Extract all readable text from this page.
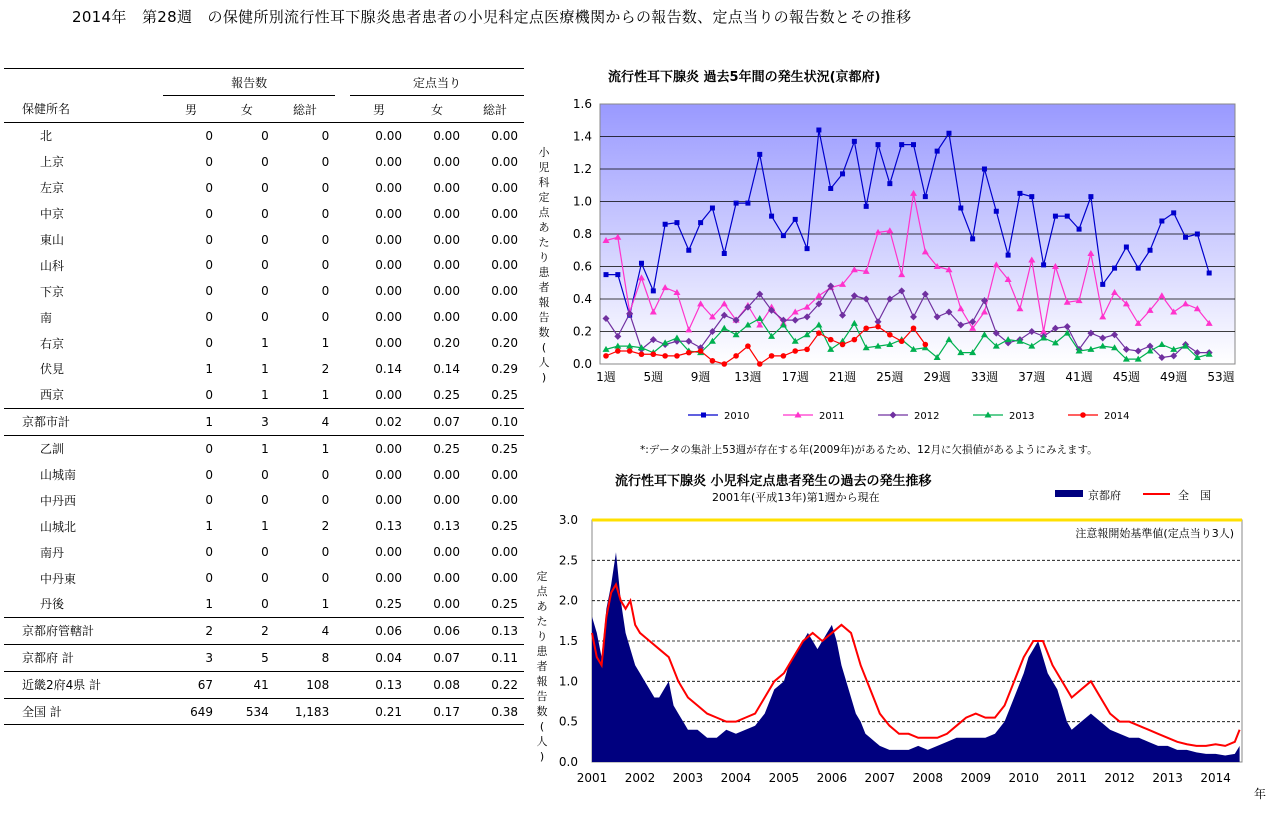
2014年　第28週　の保健所別流行性耳下腺炎患者患者の小児科定点医療機関からの報告数、定点当りの報告数とその推移
	報告数				定点当り		
保健所名	男	女	総計		男	女	総計
北	0	0	0		0.00	0.00	0.00
上京	0	0	0		0.00	0.00	0.00
左京	0	0	0		0.00	0.00	0.00
中京	0	0	0		0.00	0.00	0.00
東山	0	0	0		0.00	0.00	0.00
山科	0	0	0		0.00	0.00	0.00
下京	0	0	0		0.00	0.00	0.00
南	0	0	0		0.00	0.00	0.00
右京	0	1	1		0.00	0.20	0.20
伏見	1	1	2		0.14	0.14	0.29
西京	0	1	1		0.00	0.25	0.25
京都市計	1	3	4		0.02	0.07	0.10
乙訓	0	1	1		0.00	0.25	0.25
山城南	0	0	0		0.00	0.00	0.00
中丹西	0	0	0		0.00	0.00	0.00
山城北	1	1	2		0.13	0.13	0.25
南丹	0	0	0		0.00	0.00	0.00
中丹東	0	0	0		0.00	0.00	0.00
丹後	1	0	1		0.25	0.00	0.25
京都府管轄計	2	2	4		0.06	0.06	0.13
京都府 計	3	5	8		0.04	0.07	0.11
近畿2府4県 計	67	41	108		0.13	0.08	0.22
全国 計	649	534	1,183		0.21	0.17	0.38
流行性耳下腺炎 過去5年間の発生状況(京都府)
0.0
0.2
0.4
0.6
0.8
1.0
1.2
1.4
1.6
1週 5週 9週 13週 17週 21週 25週 29週 33週 37週 41週 45週 49週 53週
小
児
科
定
点
あ
た
り
患
者
報
告
数
(
人
)
2010	2011	2012	2013	2014
*:データの集計上53週が存在する年(2009年)があるため、12月に欠損値があるようにみえます。
流行性耳下腺炎 小児科定点患者発生の過去の発生推移
2001年(平成13年)第1週から現在
0.0
0.5
1.0
1.5
2.0
2.5
3.0
注意報開始基準値(定点当り3人)
2001 2002 2003 2004 2005 2006 2007 2008 2009 2010 2011 2012 2013 2014
年
定
点
あ
た
り
患
者
報
告
数
(
人
)
京都府	全　国
